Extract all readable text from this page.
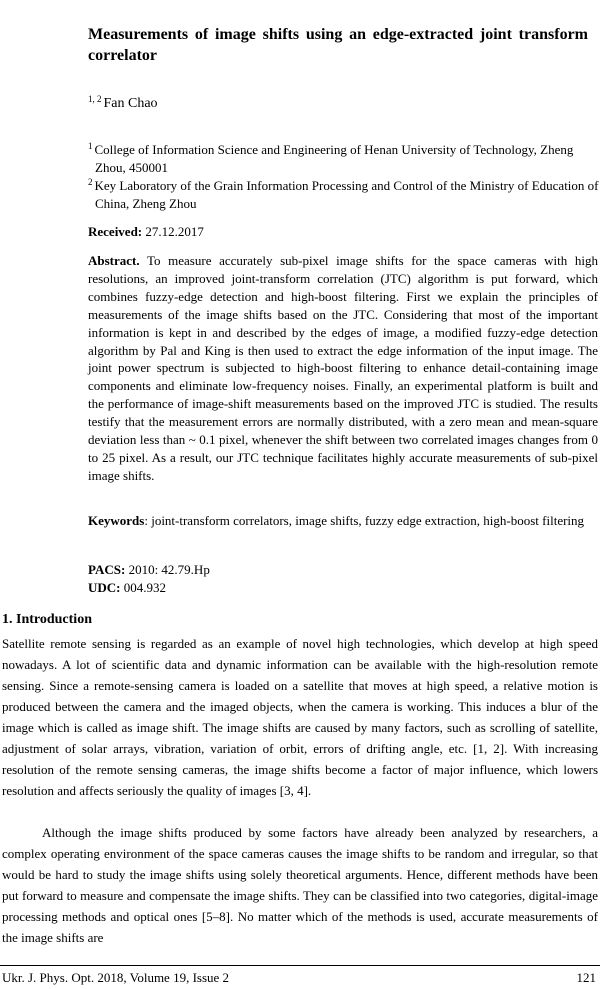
Measurements of image shifts using an edge-extracted joint transform correlator
$^{1, 2}$ Fan Chao
$^1$ College of Information Science and Engineering of Henan University of Technology, Zheng Zhou, 450001
$^2$ Key Laboratory of the Grain Information Processing and Control of the Ministry of Education of China, Zheng Zhou
Received: 27.12.2017
Abstract. To measure accurately sub-pixel image shifts for the space cameras with high resolutions, an improved joint-transform correlation (JTC) algorithm is put forward, which combines fuzzy-edge detection and high-boost filtering. First we explain the principles of measurements of the image shifts based on the JTC. Considering that most of the important information is kept in and described by the edges of image, a modified fuzzy-edge detection algorithm by Pal and King is then used to extract the edge information of the input image. The joint power spectrum is subjected to high-boost filtering to enhance detail-containing image components and eliminate low-frequency noises. Finally, an experimental platform is built and the performance of image-shift measurements based on the improved JTC is studied. The results testify that the measurement errors are normally distributed, with a zero mean and mean-square deviation less than ~ 0.1 pixel, whenever the shift between two correlated images changes from 0 to 25 pixel. As a result, our JTC technique facilitates highly accurate measurements of sub-pixel image shifts.
Keywords: joint-transform correlators, image shifts, fuzzy edge extraction, high-boost filtering
PACS: 2010: 42.79.Hp
UDC: 004.932
1. Introduction
Satellite remote sensing is regarded as an example of novel high technologies, which develop at high speed nowadays. A lot of scientific data and dynamic information can be available with the high-resolution remote sensing. Since a remote-sensing camera is loaded on a satellite that moves at high speed, a relative motion is produced between the camera and the imaged objects, when the camera is working. This induces a blur of the image which is called as image shift. The image shifts are caused by many factors, such as scrolling of satellite, adjustment of solar arrays, vibration, variation of orbit, errors of drifting angle, etc. [1, 2]. With increasing resolution of the remote sensing cameras, the image shifts become a factor of major influence, which lowers resolution and affects seriously the quality of images [3, 4].
Although the image shifts produced by some factors have already been analyzed by researchers, a complex operating environment of the space cameras causes the image shifts to be random and irregular, so that would be hard to study the image shifts using solely theoretical arguments. Hence, different methods have been put forward to measure and compensate the image shifts. They can be classified into two categories, digital-image processing methods and optical ones [5–8]. No matter which of the methods is used, accurate measurements of the image shifts are
Ukr. J. Phys. Opt. 2018, Volume 19, Issue 2	121
